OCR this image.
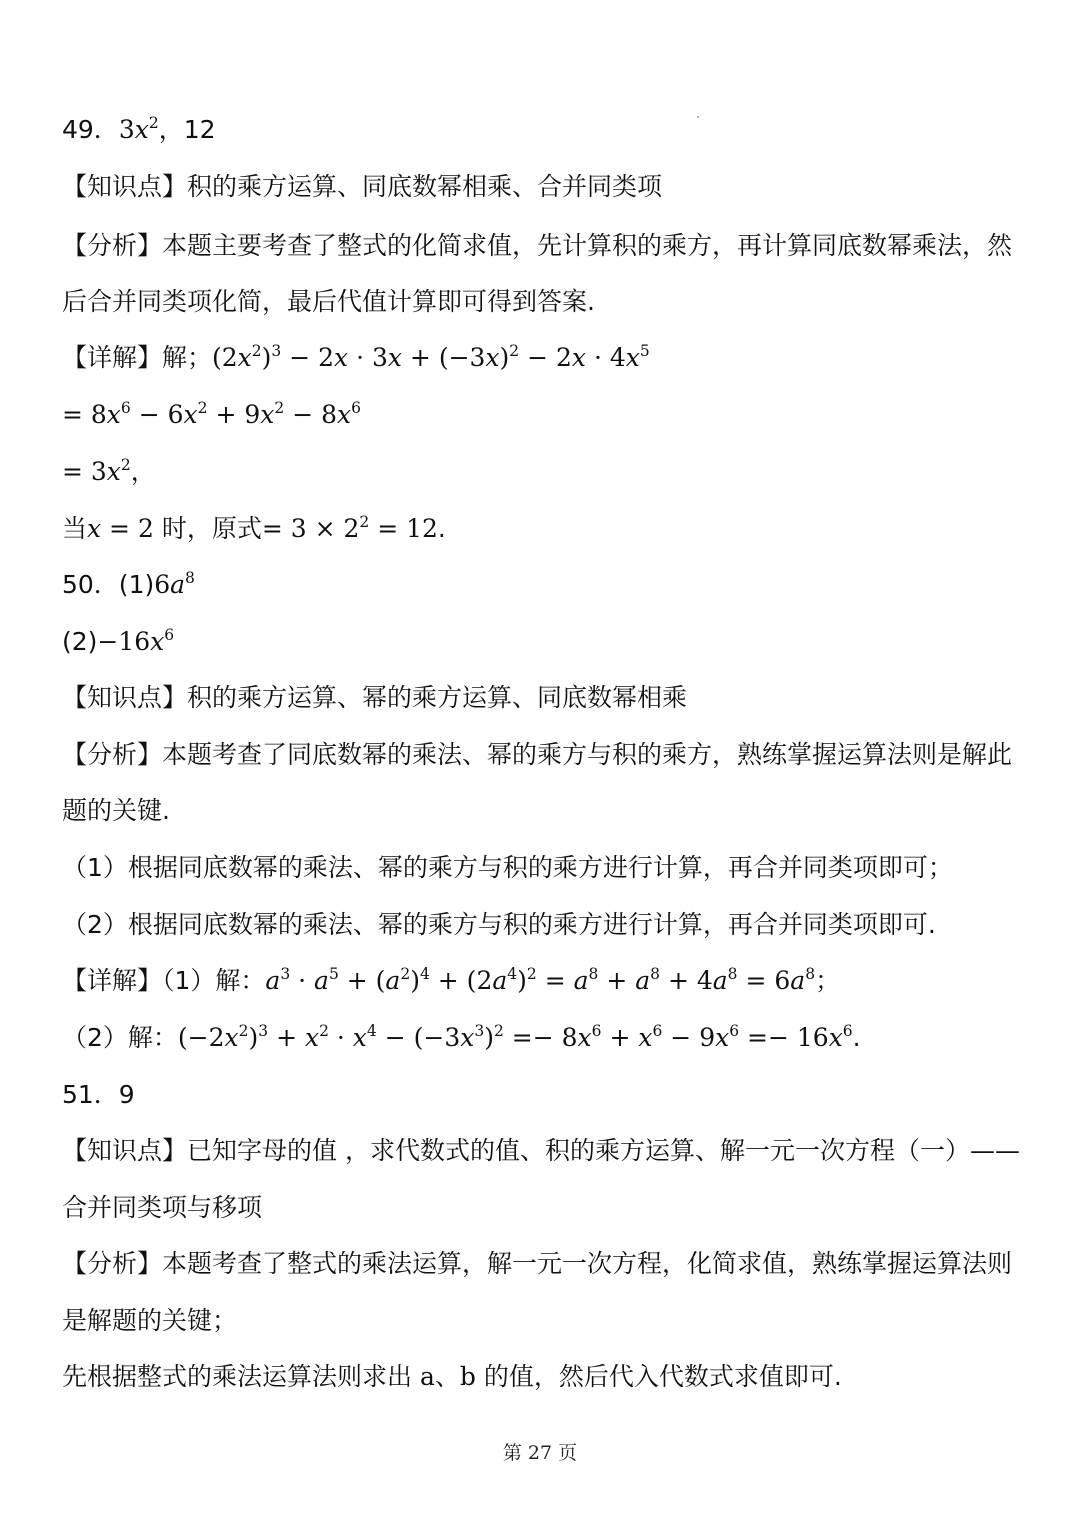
49．3𝑥$^2$，12
【知识点】积的乘方运算、同底数幂相乘、合并同类项
【分析】本题主要考查了整式的化简求值，先计算积的乘方，再计算同底数幂乘法，然
后合并同类项化简，最后代值计算即可得到答案.
【详解】解；(2𝑥$^2$)$^3$ − 2𝑥 · 3𝑥 + (−3𝑥)$^2$ − 2𝑥 · 4𝑥$^5$
= 8𝑥$^6$ − 6𝑥$^2$ + 9𝑥$^2$ − 8𝑥$^6$
= 3𝑥$^2$，
当𝑥 = 2 时，原式= $3 \times 2^2 = 12$.
50．(1)6𝑎$^8$
(2)−16𝑥$^6$
【知识点】积的乘方运算、幂的乘方运算、同底数幂相乘
【分析】本题考查了同底数幂的乘法、幂的乘方与积的乘方，熟练掌握运算法则是解此
题的关键.
（1）根据同底数幂的乘法、幂的乘方与积的乘方进行计算，再合并同类项即可；
（2）根据同底数幂的乘法、幂的乘方与积的乘方进行计算，再合并同类项即可.
【详解】（1）解：𝑎$^3$ · 𝑎$^5$ + (𝑎$^2$)$^4$ + (2𝑎$^4$)$^2$ = 𝑎$^8$ + 𝑎$^8$ + 4𝑎$^8$ = 6𝑎$^8$；
（2）解：(−2𝑥$^2$)$^3$ + 𝑥$^2$ · 𝑥$^4$ − (−3𝑥$^3$)$^2$ =− 8𝑥$^6$ + 𝑥$^6$ − 9𝑥$^6$ =− 16𝑥$^6$.
51．9
【知识点】已知字母的值 ，求代数式的值、积的乘方运算、解一元一次方程（一）——
合并同类项与移项
【分析】本题考查了整式的乘法运算，解一元一次方程，化简求值，熟练掌握运算法则
是解题的关键；
先根据整式的乘法运算法则求出 a、b 的值，然后代入代数式求值即可.
第 27 页
